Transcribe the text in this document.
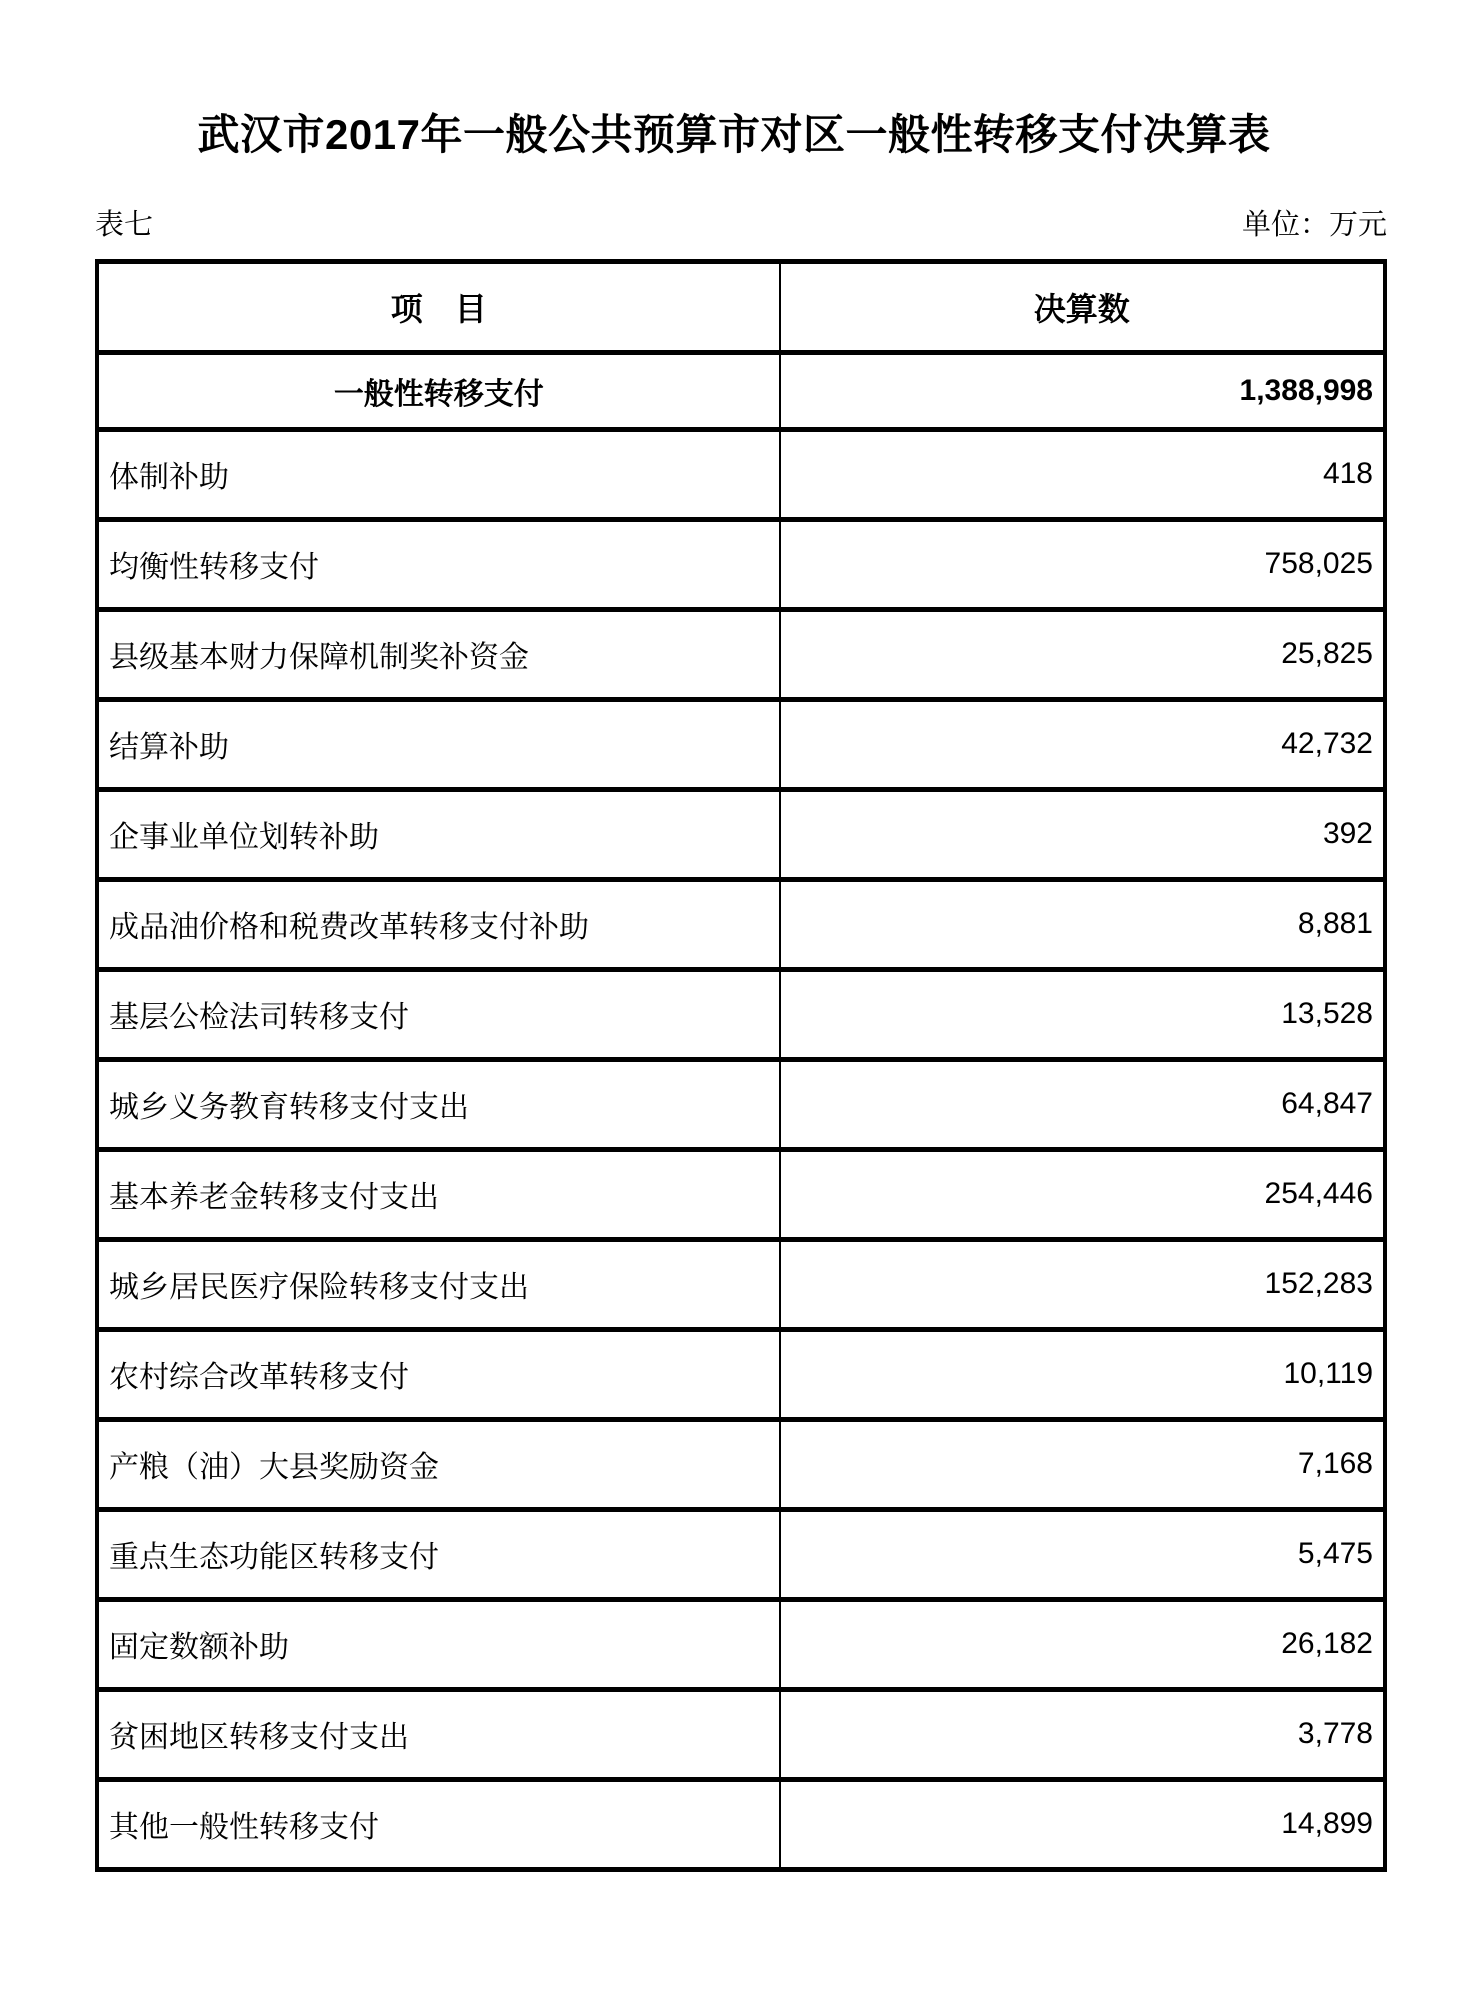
武汉市2017年一般公共预算市对区一般性转移支付决算表
表七	单位：万元
项　目	决算数
一般性转移支付	1,388,998
体制补助	418
均衡性转移支付	758,025
县级基本财力保障机制奖补资金	25,825
结算补助	42,732
企事业单位划转补助	392
成品油价格和税费改革转移支付补助	8,881
基层公检法司转移支付	13,528
城乡义务教育转移支付支出	64,847
基本养老金转移支付支出	254,446
城乡居民医疗保险转移支付支出	152,283
农村综合改革转移支付	10,119
产粮（油）大县奖励资金	7,168
重点生态功能区转移支付	5,475
固定数额补助	26,182
贫困地区转移支付支出	3,778
其他一般性转移支付	14,899
